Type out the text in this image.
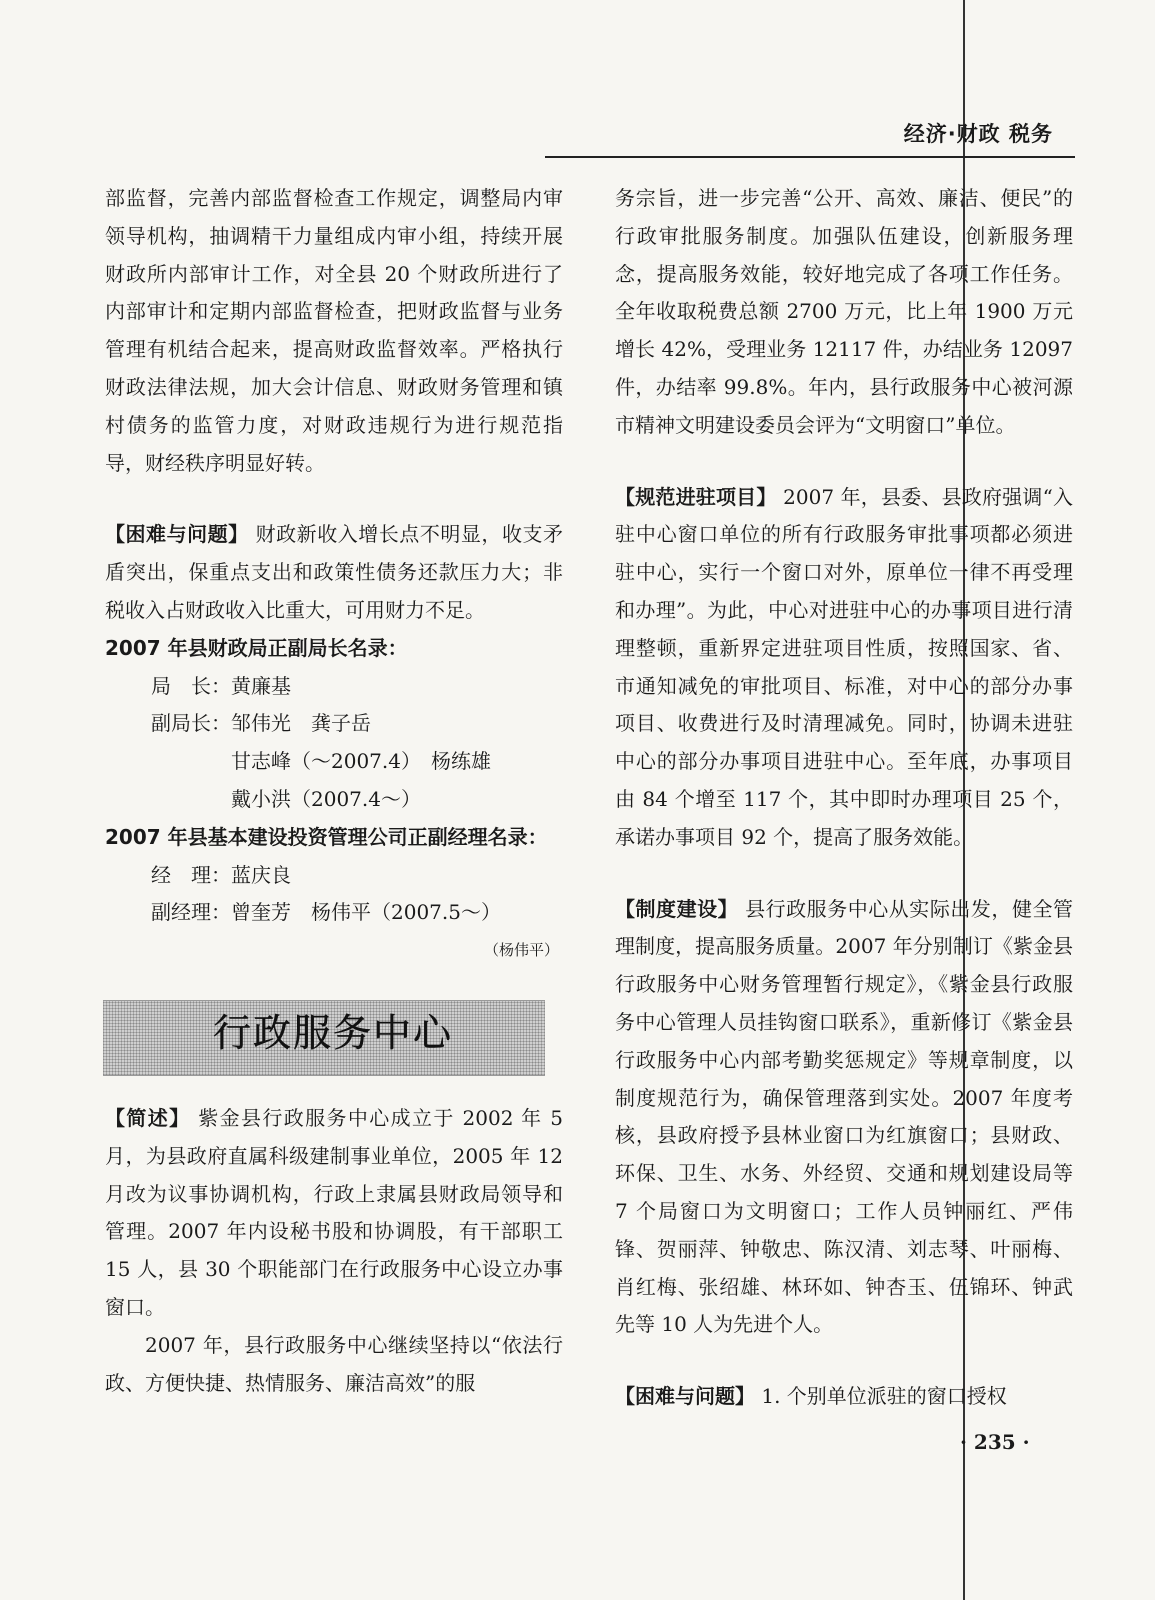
经济·财政 税务

部监督，完善内部监督检查工作规定，调整局内审领导机构，抽调精干力量组成内审小组，持续开展财政所内部审计工作，对全县 20 个财政所进行了内部审计和定期内部监督检查，把财政监督与业务管理有机结合起来，提高财政监督效率。严格执行财政法律法规，加大会计信息、财政财务管理和镇村债务的监管力度，对财政违规行为进行规范指导，财经秩序明显好转。

【困难与问题】 财政新收入增长点不明显，收支矛盾突出，保重点支出和政策性债务还款压力大；非税收入占财政收入比重大，可用财力不足。

2007 年县财政局正副局长名录：

局　长：黄廉基

副局长：邹伟光　龚子岳

甘志峰（～2007.4）　杨练雄

戴小洪（2007.4～）

2007 年县基本建设投资管理公司正副经理名录：

经　理：蓝庆良

副经理：曾奎芳　杨伟平（2007.5～）

（杨伟平）

行政服务中心

【简述】 紫金县行政服务中心成立于 2002 年 5 月，为县政府直属科级建制事业单位，2005 年 12 月改为议事协调机构，行政上隶属县财政局领导和管理。2007 年内设秘书股和协调股，有干部职工 15 人，县 30 个职能部门在行政服务中心设立办事窗口。

2007 年，县行政服务中心继续坚持以“依法行政、方便快捷、热情服务、廉洁高效”的服

务宗旨，进一步完善“公开、高效、廉洁、便民”的行政审批服务制度。加强队伍建设，创新服务理念，提高服务效能，较好地完成了各项工作任务。全年收取税费总额 2700 万元，比上年 1900 万元增长 42%，受理业务 12117 件，办结业务 12097 件，办结率 99.8%。年内，县行政服务中心被河源市精神文明建设委员会评为“文明窗口”单位。

【规范进驻项目】 2007 年，县委、县政府强调“入驻中心窗口单位的所有行政服务审批事项都必须进驻中心，实行一个窗口对外，原单位一律不再受理和办理”。为此，中心对进驻中心的办事项目进行清理整顿，重新界定进驻项目性质，按照国家、省、市通知减免的审批项目、标准，对中心的部分办事项目、收费进行及时清理减免。同时，协调未进驻中心的部分办事项目进驻中心。至年底，办事项目由 84 个增至 117 个，其中即时办理项目 25 个，承诺办事项目 92 个，提高了服务效能。

【制度建设】 县行政服务中心从实际出发，健全管理制度，提高服务质量。2007 年分别制订《紫金县行政服务中心财务管理暂行规定》，《紫金县行政服务中心管理人员挂钩窗口联系》，重新修订《紫金县行政服务中心内部考勤奖惩规定》等规章制度，以制度规范行为，确保管理落到实处。2007 年度考核，县政府授予县林业窗口为红旗窗口；县财政、环保、卫生、水务、外经贸、交通和规划建设局等 7 个局窗口为文明窗口；工作人员钟丽红、严伟锋、贺丽萍、钟敬忠、陈汉清、刘志琴、叶丽梅、肖红梅、张绍雄、林环如、钟杏玉、伍锦环、钟武先等 10 人为先进个人。

【困难与问题】 1. 个别单位派驻的窗口授权

· 235 ·
